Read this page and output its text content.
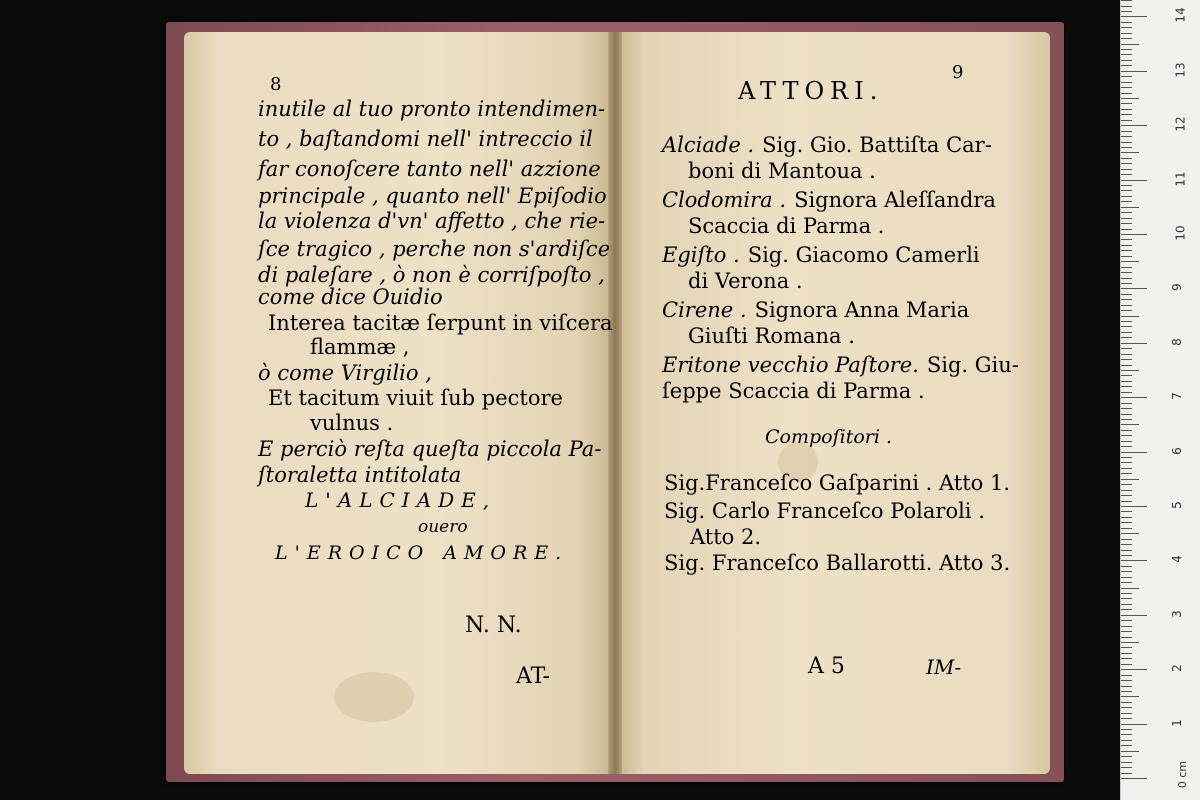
8
inutile al tuo pronto intendimen-
to , baſtandomi nell' intreccio il
far conoſcere tanto nell' azzione
principale , quanto nell' Epiſodio
la violenza d'vn' affetto , che rie-
ſce tragico , perche non s'ardiſce
di paleſare , ò non è corriſpoſto ,
come dice Ouidio
Interea tacitæ ſerpunt in viſcera
flammæ ,
ò come Virgilio ,
Et tacitum viuit ſub pectore
vulnus .
E perciò reſta queſta piccola Pa-
ſtoraletta intitolata
L'ALCIADE,
ouero
L'EROICO AMORE.
N. N.
AT-
9
ATTORI.
Alciade . Sig. Gio. Battiſta Car-
boni di Mantoua .
Clodomira . Signora Aleſſandra
Scaccia di Parma .
Egiſto . Sig. Giacomo Camerli
di Verona .
Cirene . Signora Anna Maria
Giuſti Romana .
Eritone vecchio Paſtore. Sig. Giu-
ſeppe Scaccia di Parma .
Compoſitori .
Sig.Franceſco Gaſparini . Atto 1.
Sig. Carlo Franceſco Polaroli .
Atto 2.
Sig. Franceſco Ballarotti. Atto 3.
A 5	IM-
0 cm
1
2
3
4
5
6
7
8
9
10
11
12
13
14
